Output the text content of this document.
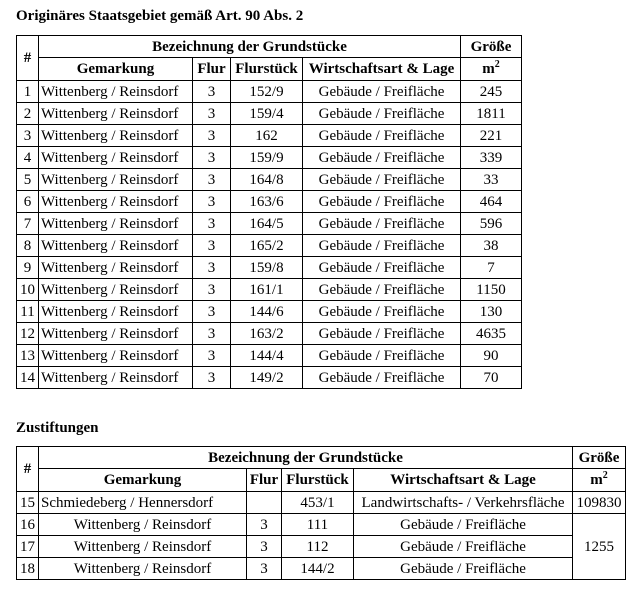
Originäres Staatsgebiet gemäß Art. 90 Abs. 2
#	Bezeichnung der Grundstücke				Größe
	Gemarkung	Flur	Flurstück	Wirtschaftsart & Lage	$m^2$
1	Wittenberg / Reinsdorf	3	152/9	Gebäude / Freifläche	245
2	Wittenberg / Reinsdorf	3	159/4	Gebäude / Freifläche	1811
3	Wittenberg / Reinsdorf	3	162	Gebäude / Freifläche	221
4	Wittenberg / Reinsdorf	3	159/9	Gebäude / Freifläche	339
5	Wittenberg / Reinsdorf	3	164/8	Gebäude / Freifläche	33
6	Wittenberg / Reinsdorf	3	163/6	Gebäude / Freifläche	464
7	Wittenberg / Reinsdorf	3	164/5	Gebäude / Freifläche	596
8	Wittenberg / Reinsdorf	3	165/2	Gebäude / Freifläche	38
9	Wittenberg / Reinsdorf	3	159/8	Gebäude / Freifläche	7
10	Wittenberg / Reinsdorf	3	161/1	Gebäude / Freifläche	1150
11	Wittenberg / Reinsdorf	3	144/6	Gebäude / Freifläche	130
12	Wittenberg / Reinsdorf	3	163/2	Gebäude / Freifläche	4635
13	Wittenberg / Reinsdorf	3	144/4	Gebäude / Freifläche	90
14	Wittenberg / Reinsdorf	3	149/2	Gebäude / Freifläche	70
Zustiftungen
#	Bezeichnung der Grundstücke				Größe
	Gemarkung	Flur	Flurstück	Wirtschaftsart & Lage	$m^2$
15	Schmiedeberg / Hennersdorf		453/1	Landwirtschafts- / Verkehrsfläche	109830
16	Wittenberg / Reinsdorf	3	111	Gebäude / Freifläche	1255
17	Wittenberg / Reinsdorf	3	112	Gebäude / Freifläche	
18	Wittenberg / Reinsdorf	3	144/2	Gebäude / Freifläche	
